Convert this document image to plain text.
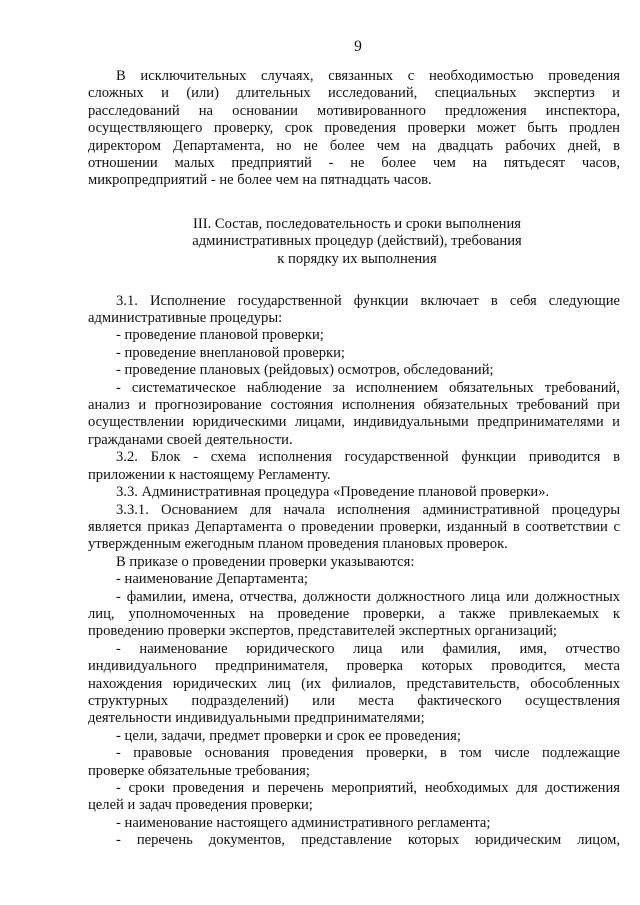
9
В исключительных случаях, связанных с необходимостью проведения
сложных и (или) длительных исследований, специальных экспертиз и
расследований на основании мотивированного предложения инспектора,
осуществляющего проверку, срок проведения проверки может быть продлен
директором Департамента, но не более чем на двадцать рабочих дней, в
отношении малых предприятий - не более чем на пятьдесят часов,
микропредприятий - не более чем на пятнадцать часов.
III. Состав, последовательность и сроки выполнения
административных процедур (действий), требования
к порядку их выполнения
3.1. Исполнение государственной функции включает в себя следующие
административные процедуры:
- проведение плановой проверки;
- проведение внеплановой проверки;
- проведение плановых (рейдовых) осмотров, обследований;
- систематическое наблюдение за исполнением обязательных требований,
анализ и прогнозирование состояния исполнения обязательных требований при
осуществлении юридическими лицами, индивидуальными предпринимателями и
гражданами своей деятельности.
3.2. Блок - схема исполнения государственной функции приводится в
приложении к настоящему Регламенту.
3.3. Административная процедура «Проведение плановой проверки».
3.3.1. Основанием для начала исполнения административной процедуры
является приказ Департамента о проведении проверки, изданный в соответствии с
утвержденным ежегодным планом проведения плановых проверок.
В приказе о проведении проверки указываются:
- наименование Департамента;
- фамилии, имена, отчества, должности должностного лица или должностных
лиц, уполномоченных на проведение проверки, а также привлекаемых к
проведению проверки экспертов, представителей экспертных организаций;
- наименование юридического лица или фамилия, имя, отчество
индивидуального предпринимателя, проверка которых проводится, места
нахождения юридических лиц (их филиалов, представительств, обособленных
структурных подразделений) или места фактического осуществления
деятельности индивидуальными предпринимателями;
- цели, задачи, предмет проверки и срок ее проведения;
- правовые основания проведения проверки, в том числе подлежащие
проверке обязательные требования;
- сроки проведения и перечень мероприятий, необходимых для достижения
целей и задач проведения проверки;
- наименование настоящего административного регламента;
- перечень документов, представление которых юридическим лицом,
